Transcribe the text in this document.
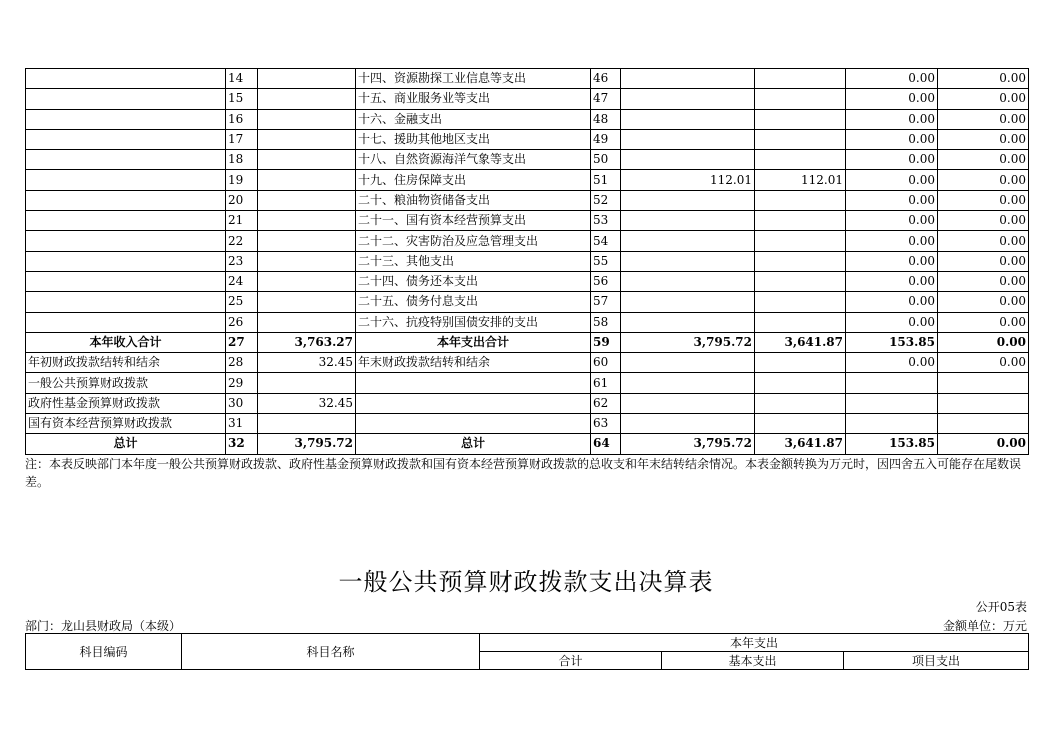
	14		十四、资源勘探工业信息等支出	46			0.00	0.00
	15		十五、商业服务业等支出	47			0.00	0.00
	16		十六、金融支出	48			0.00	0.00
	17		十七、援助其他地区支出	49			0.00	0.00
	18		十八、自然资源海洋气象等支出	50			0.00	0.00
	19		十九、住房保障支出	51	112.01	112.01	0.00	0.00
	20		二十、粮油物资储备支出	52			0.00	0.00
	21		二十一、国有资本经营预算支出	53			0.00	0.00
	22		二十二、灾害防治及应急管理支出	54			0.00	0.00
	23		二十三、其他支出	55			0.00	0.00
	24		二十四、债务还本支出	56			0.00	0.00
	25		二十五、债务付息支出	57			0.00	0.00
	26		二十六、抗疫特别国债安排的支出	58			0.00	0.00
本年收入合计	27	3,763.27	本年支出合计	59	3,795.72	3,641.87	153.85	0.00
年初财政拨款结转和结余	28	32.45	年末财政拨款结转和结余	60			0.00	0.00
一般公共预算财政拨款	29			61				
政府性基金预算财政拨款	30	32.45		62				
国有资本经营预算财政拨款	31			63				
总计	32	3,795.72	总计	64	3,795.72	3,641.87	153.85	0.00
注：本表反映部门本年度一般公共预算财政拨款、政府性基金预算财政拨款和国有资本经营预算财政拨款的总收支和年末结转结余情况。本表金额转换为万元时，因四舍五入可能存在尾数误差。
一般公共预算财政拨款支出决算表
公开05表
部门：龙山县财政局（本级）	金额单位：万元
科目编码	科目名称	本年支出		
		合计	基本支出	项目支出
